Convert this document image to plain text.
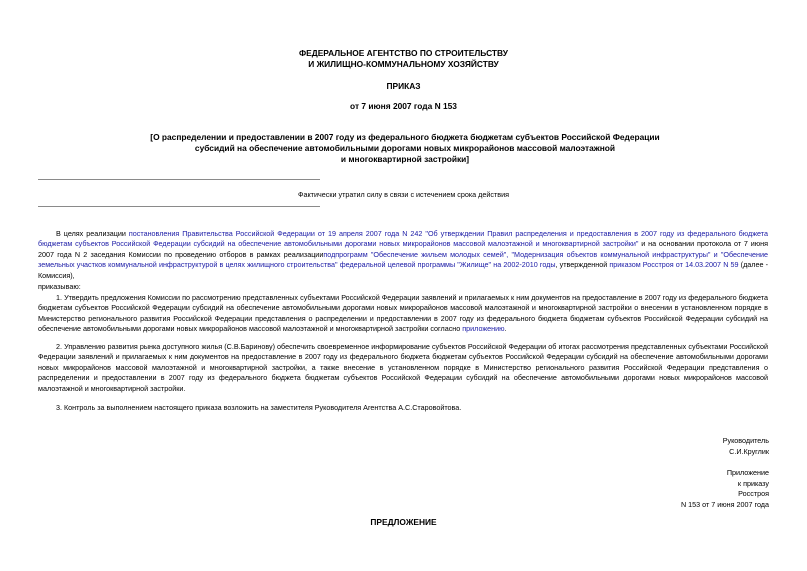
ФЕДЕРАЛЬНОЕ АГЕНТСТВО ПО СТРОИТЕЛЬСТВУ
И ЖИЛИЩНО-КОММУНАЛЬНОМУ ХОЗЯЙСТВУ
ПРИКАЗ
от 7 июня 2007 года N 153
[О распределении и предоставлении в 2007 году из федерального бюджета бюджетам субъектов Российской Федерации
субсидий на обеспечение автомобильными дорогами новых микрорайонов массовой малоэтажной
и многоквартирной застройки]
Фактически утратил силу в связи с истечением срока действия
В целях реализации постановления Правительства Российской Федерации от 19 апреля 2007 года N 242 "Об утверждении Правил распределения и предоставления в 2007 году из федерального бюджета бюджетам субъектов Российской Федерации субсидий на обеспечение автомобильными дорогами новых микрорайонов массовой малоэтажной и многоквартирной застройки" и на основании протокола от 7 июня 2007 года N 2 заседания Комиссии по проведению отборов в рамках реализацииподпрограмм "Обеспечение жильем молодых семей", "Модернизация объектов коммунальной инфраструктуры" и "Обеспечение земельных участков коммунальной инфраструктурой в целях жилищного строительства" федеральной целевой программы "Жилище" на 2002-2010 годы, утвержденной приказом Росстроя от 14.03.2007 N 59 (далее - Комиссия),
приказываю:
1. Утвердить предложения Комиссии по рассмотрению представленных субъектами Российской Федерации заявлений и прилагаемых к ним документов на предоставление в 2007 году из федерального бюджета бюджетам субъектов Российской Федерации субсидий на обеспечение автомобильными дорогами новых микрорайонов массовой малоэтажной и многоквартирной застройки о внесении в установленном порядке в Министерство регионального развития Российской Федерации представления о распределении и предоставлении в 2007 году из федерального бюджета бюджетам субъектов Российской Федерации субсидий на обеспечение автомобильными дорогами новых микрорайонов массовой малоэтажной и многоквартирной застройки согласно приложению.
2. Управлению развития рынка доступного жилья (С.В.Баринову) обеспечить своевременное информирование субъектов Российской Федерации об итогах рассмотрения представленных субъектами Российской Федерации заявлений и прилагаемых к ним документов на предоставление в 2007 году из федерального бюджета бюджетам субъектов Российской Федерации субсидий на обеспечение автомобильными дорогами новых микрорайонов массовой малоэтажной и многоквартирной застройки, а также внесение в установленном порядке в Министерство регионального развития Российской Федерации представления о распределении и предоставлении в 2007 году из федерального бюджета бюджетам субъектов Российской Федерации субсидий на обеспечение автомобильными дорогами новых микрорайонов массовой малоэтажной и многоквартирной застройки.
3. Контроль за выполнением настоящего приказа возложить на заместителя Руководителя Агентства А.С.Старовойтова.
Руководитель
С.И.Круглик
Приложение
к приказу
Росстроя
N 153 от 7 июня 2007 года
ПРЕДЛОЖЕНИЕ
